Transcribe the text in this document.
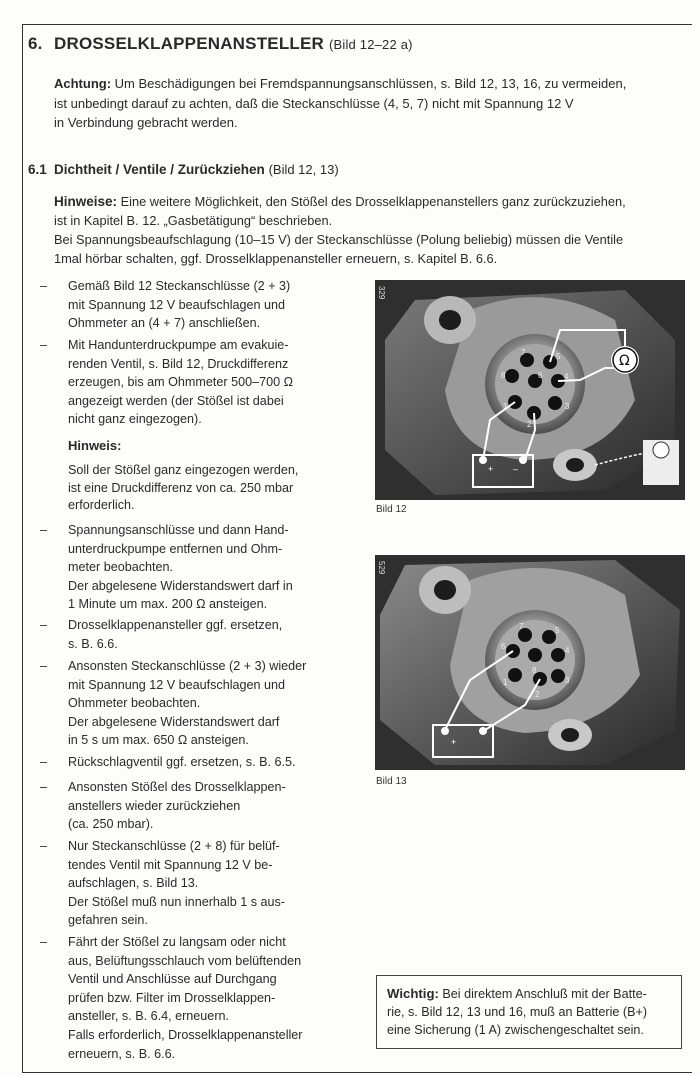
6. DROSSELKLAPPENANSTELLER (Bild 12–22 a)
Achtung: Um Beschädigungen bei Fremdspannungsanschlüssen, s. Bild 12, 13, 16, zu vermeiden,
ist unbedingt darauf zu achten, daß die Steckanschlüsse (4, 5, 7) nicht mit Spannung 12 V
in Verbindung gebracht werden.
6.1 Dichtheit / Ventile / Zurückziehen (Bild 12, 13)
Hinweise: Eine weitere Möglichkeit, den Stößel des Drosselklappenanstellers ganz zurückzuziehen,
ist in Kapitel B. 12. „Gasbetätigung“ beschrieben.
Bei Spannungsbeaufschlagung (10–15 V) der Steckanschlüsse (Polung beliebig) müssen die Ventile
1mal hörbar schalten, ggf. Drosselklappenansteller erneuern, s. Kapitel B. 6.6.
– Gemäß Bild 12 Steckanschlüsse (2 + 3)
mit Spannung 12 V beaufschlagen und
Ohmmeter an (4 + 7) anschließen.
– Mit Handunterdruckpumpe am evakuie-
renden Ventil, s. Bild 12, Druckdifferenz
erzeugen, bis am Ohmmeter 500–700 Ω
angezeigt werden (der Stößel ist dabei
nicht ganz eingezogen).
Hinweis:
Soll der Stößel ganz eingezogen werden,
ist eine Druckdifferenz von ca. 250 mbar
erforderlich.
– Spannungsanschlüsse und dann Hand-
unterdruckpumpe entfernen und Ohm-
meter beobachten.
Der abgelesene Widerstandswert darf in
1 Minute um max. 200 Ω ansteigen.
– Drosselklappenansteller ggf. ersetzen,
s. B. 6.6.
– Ansonsten Steckanschlüsse (2 + 3) wieder
mit Spannung 12 V beaufschlagen und
Ohmmeter beobachten.
Der abgelesene Widerstandswert darf
in 5 s um max. 650 Ω ansteigen.
– Rückschlagventil ggf. ersetzen, s. B. 6.5.
– Ansonsten Stößel des Drosselklappen-
anstellers wieder zurückziehen
(ca. 250 mbar).
– Nur Steckanschlüsse (2 + 8) für belüf-
tendes Ventil mit Spannung 12 V be-
aufschlagen, s. Bild 13.
Der Stößel muß nun innerhalb 1 s aus-
gefahren sein.
– Fährt der Stößel zu langsam oder nicht
aus, Belüftungsschlauch vom belüftenden
Ventil und Anschlüsse auf Durchgang
prüfen bzw. Filter im Drosselklappen-
ansteller, s. B. 6.4, erneuern.
Falls erforderlich, Drosselklappenansteller
erneuern, s. B. 6.6.
7	5
8	6	4
1	3
2
Ω
+ –
329
Bild 12
7	5
6	4
1
8
3
2
+
529
Bild 13
Wichtig: Bei direktem Anschluß mit der Batte-
rie, s. Bild 12, 13 und 16, muß an Batterie (B+)
eine Sicherung (1 A) zwischengeschaltet sein.
